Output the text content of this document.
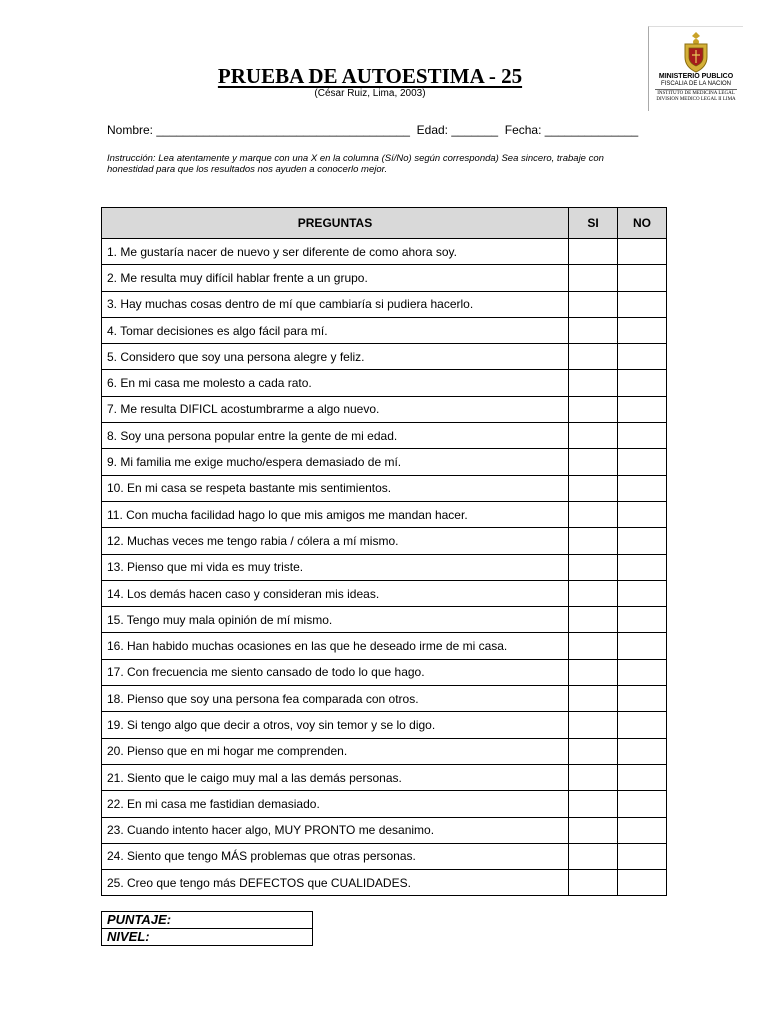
PRUEBA DE AUTOESTIMA - 25
(César Ruiz, Lima, 2003)
MINISTERIO PUBLICO
FISCALIA DE LA NACION
INSTITUTO DE MEDICINA LEGAL
DIVISION MEDICO LEGAL II LIMA
Nombre: ______________________________________ Edad: _______ Fecha: ______________
Instrucción: Lea atentamente y marque con una X en la columna (Sí/No) según corresponda) Sea sincero, trabaje con honestidad para que los resultados nos ayuden a conocerlo mejor.
PREGUNTAS	SI	NO
1. Me gustaría nacer de nuevo y ser diferente de como ahora soy.		
2. Me resulta muy difícil hablar frente a un grupo.		
3. Hay muchas cosas dentro de mí que cambiaría si pudiera hacerlo.		
4. Tomar decisiones es algo fácil para mí.		
5. Considero que soy una persona alegre y feliz.		
6. En mi casa me molesto a cada rato.		
7. Me resulta DIFICL acostumbrarme a algo nuevo.		
8. Soy una persona popular entre la gente de mi edad.		
9. Mi familia me exige mucho/espera demasiado de mí.		
10. En mi casa se respeta bastante mis sentimientos.		
11. Con mucha facilidad hago lo que mis amigos me mandan hacer.		
12. Muchas veces me tengo rabia / cólera a mí mismo.		
13. Pienso que mi vida es muy triste.		
14. Los demás hacen caso y consideran mis ideas.		
15. Tengo muy mala opinión de mí mismo.		
16. Han habido muchas ocasiones en las que he deseado irme de mi casa.		
17. Con frecuencia me siento cansado de todo lo que hago.		
18. Pienso que soy una persona fea comparada con otros.		
19. Si tengo algo que decir a otros, voy sin temor y se lo digo.		
20. Pienso que en mi hogar me comprenden.		
21. Siento que le caigo muy mal a las demás personas.		
22. En mi casa me fastidian demasiado.		
23. Cuando intento hacer algo, MUY PRONTO me desanimo.		
24. Siento que tengo MÁS problemas que otras personas.		
25. Creo que tengo más DEFECTOS que CUALIDADES.		
PUNTAJE:
NIVEL:
